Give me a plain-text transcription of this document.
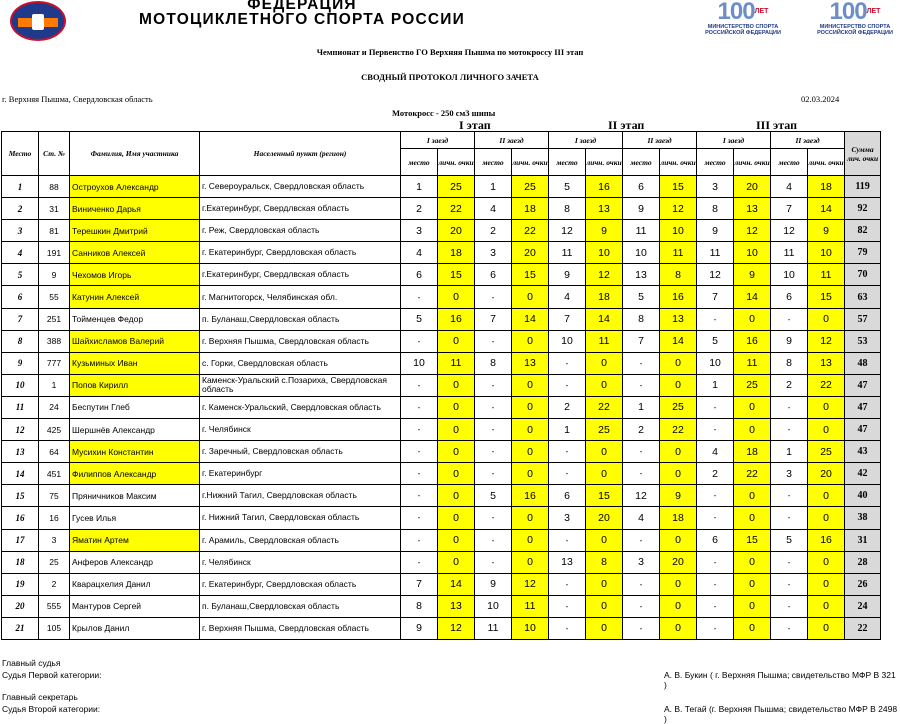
ФЕДЕРАЦИЯ
МОТОЦИКЛЕТНОГО СПОРТА РОССИИ	$100^{ЛЕТ}$
МИНИСТЕРСТВО СПОРТА
РОССИЙСКОЙ ФЕДЕРАЦИИ
$100^{ЛЕТ}$
МИНИСТЕРСТВО СПОРТА
РОССИЙСКОЙ ФЕДЕРАЦИИ
Чемпионат и Первенство ГО Верхняя Пышма по мотокроссу III этап
СВОДНЫЙ ПРОТОКОЛ ЛИЧНОГО ЗАЧЕТА
г. Верхняя Пышма, Свердловская область	02.03.2024
Мотокросс - 250 см3 шипы
I этап	II этап	III этап
Место	Ст. №	Фамилия, Имя участника	Населенный пункт (регион)	I заезд		II заезд		I заезд		II заезд		I заезд		II заезд		Сумма лич. очки
				место	личн. очки	место	личн. очки	место	личн. очки	место	личн. очки	место	личн. очки	место	личн. очки	
1	88	Остроухов Александр	г. Североуральск, Свердловская область	1	25	1	25	5	16	6	15	3	20	4	18	119
2	31	Виниченко Дарья	г.Екатеринбург, Свердлвская область	2	22	4	18	8	13	9	12	8	13	7	14	92
3	81	Терешкин Дмитрий	г. Реж, Свердловская область	3	20	2	22	12	9	11	10	9	12	12	9	82
4	191	Санников Алексей	г. Екатеринбург, Свердловская область	4	18	3	20	11	10	10	11	11	10	11	10	79
5	9	Чехомов Игорь	г.Екатеринбург, Свердлвская область	6	15	6	15	9	12	13	8	12	9	10	11	70
6	55	Катунин Алексей	г. Магнитогорск, Челябинская обл.	-	0	-	0	4	18	5	16	7	14	6	15	63
7	251	Тойменцев Федор	п. Буланаш,Свердловская область	5	16	7	14	7	14	8	13	-	0	-	0	57
8	388	Шайхисламов Валерий	г. Верхняя Пышма, Свердловская область	-	0	-	0	10	11	7	14	5	16	9	12	53
9	777	Кузьминых Иван	с. Горки, Свердловская область	10	11	8	13	-	0	-	0	10	11	8	13	48
10	1	Попов Кирилл	Каменск-Уральский с.Позариха, Свердловская область	-	0	-	0	-	0	-	0	1	25	2	22	47
11	24	Беспутин Глеб	г. Каменск-Уральский, Свердловская область	-	0	-	0	2	22	1	25	-	0	-	0	47
12	425	Шершнёв Александр	г. Челябинск	-	0	-	0	1	25	2	22	-	0	-	0	47
13	64	Мусихин Константин	г. Заречный, Свердловская область	-	0	-	0	-	0	-	0	4	18	1	25	43
14	451	Филиппов Александр	г. Екатеринбург	-	0	-	0	-	0	-	0	2	22	3	20	42
15	75	Пряничников Максим	г.Нижний Тагил, Свердловская область	-	0	5	16	6	15	12	9	-	0	-	0	40
16	16	Гусев Илья	г. Нижний Тагил, Свердловская область	-	0	-	0	3	20	4	18	-	0	-	0	38
17	3	Яматин Артем	г. Арамиль, Свердловская область	-	0	-	0	-	0	-	0	6	15	5	16	31
18	25	Анферов Александр	г. Челябинск	-	0	-	0	13	8	3	20	-	0	-	0	28
19	2	Кварацхелия Данил	г. Екатеринбург, Свердловская область	7	14	9	12	-	0	-	0	-	0	-	0	26
20	555	Мантуров Сергей	п. Буланаш,Свердловская область	8	13	10	11	-	0	-	0	-	0	-	0	24
21	105	Крылов Данил	г. Верхняя Пышма, Свердловская область	9	12	11	10	-	0	-	0	-	0	-	0	22
Главный судья
Судья Первой категории:	А. В. Букин ( г. Верхняя Пышма; свидетельство МФР В 321 )
Главный секретарь
Судья Второй категории:	А. В. Тегай (г. Верхняя Пышма; свидетельство МФР В 2498 )
